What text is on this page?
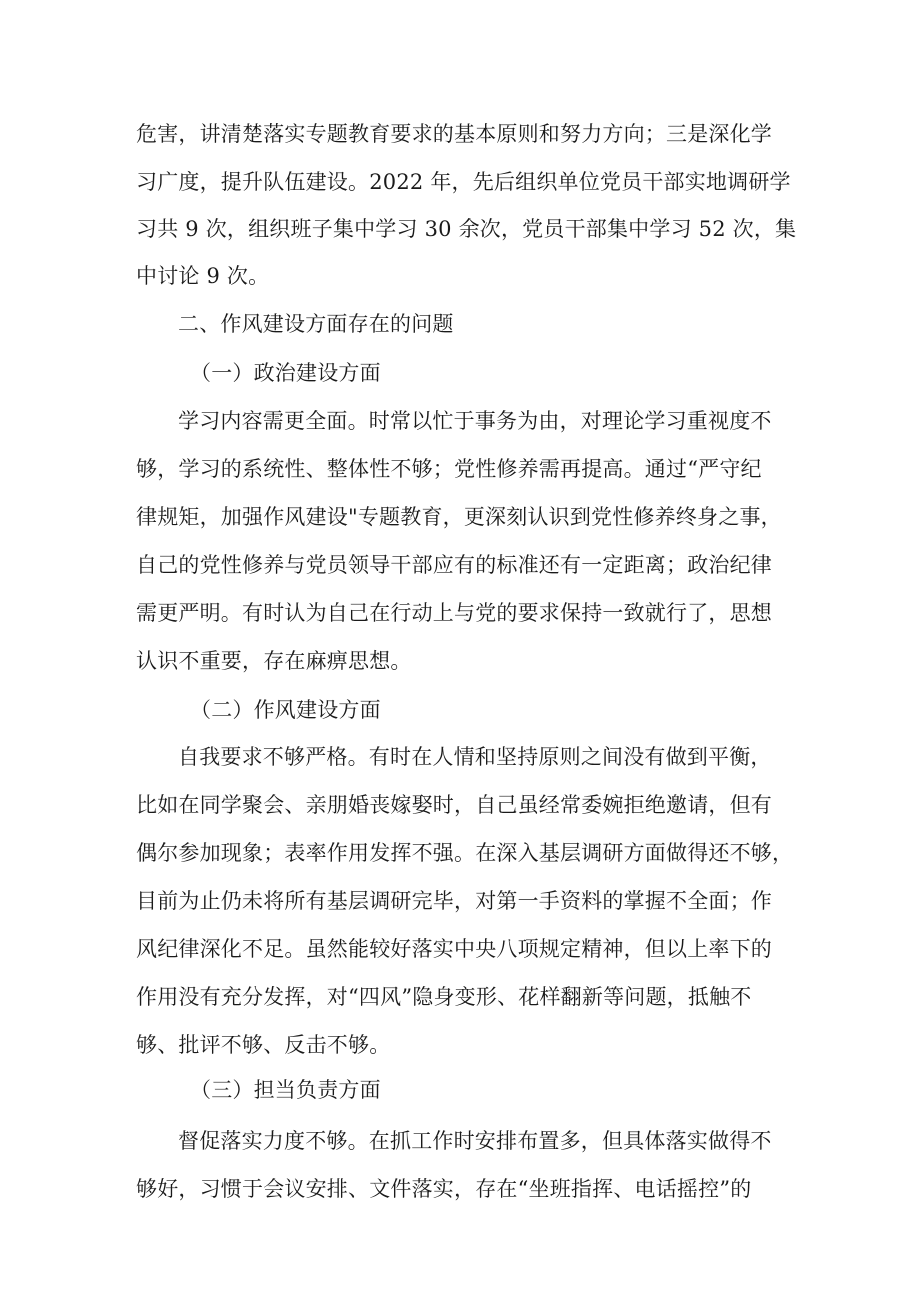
危害，讲清楚落实专题教育要求的基本原则和努力方向；三是深化学
习广度，提升队伍建设。2022 年，先后组织单位党员干部实地调研学
习共 9 次，组织班子集中学习 30 余次，党员干部集中学习 52 次，集
中讨论 9 次。
二、作风建设方面存在的问题
（一）政治建设方面
学习内容需更全面。时常以忙于事务为由，对理论学习重视度不
够，学习的系统性、整体性不够；党性修养需再提高。通过“严守纪
律规矩，加强作风建设"专题教育，更深刻认识到党性修养终身之事，
自己的党性修养与党员领导干部应有的标准还有一定距离；政治纪律
需更严明。有时认为自己在行动上与党的要求保持一致就行了，思想
认识不重要，存在麻痹思想。
（二）作风建设方面
自我要求不够严格。有时在人情和坚持原则之间没有做到平衡，
比如在同学聚会、亲朋婚丧嫁娶时，自己虽经常委婉拒绝邀请，但有
偶尔参加现象；表率作用发挥不强。在深入基层调研方面做得还不够，
目前为止仍未将所有基层调研完毕，对第一手资料的掌握不全面；作
风纪律深化不足。虽然能较好落实中央八项规定精神，但以上率下的
作用没有充分发挥，对“四风”隐身变形、花样翻新等问题，抵触不
够、批评不够、反击不够。
（三）担当负责方面
督促落实力度不够。在抓工作时安排布置多，但具体落实做得不
够好，习惯于会议安排、文件落实，存在“坐班指挥、电话摇控”的
